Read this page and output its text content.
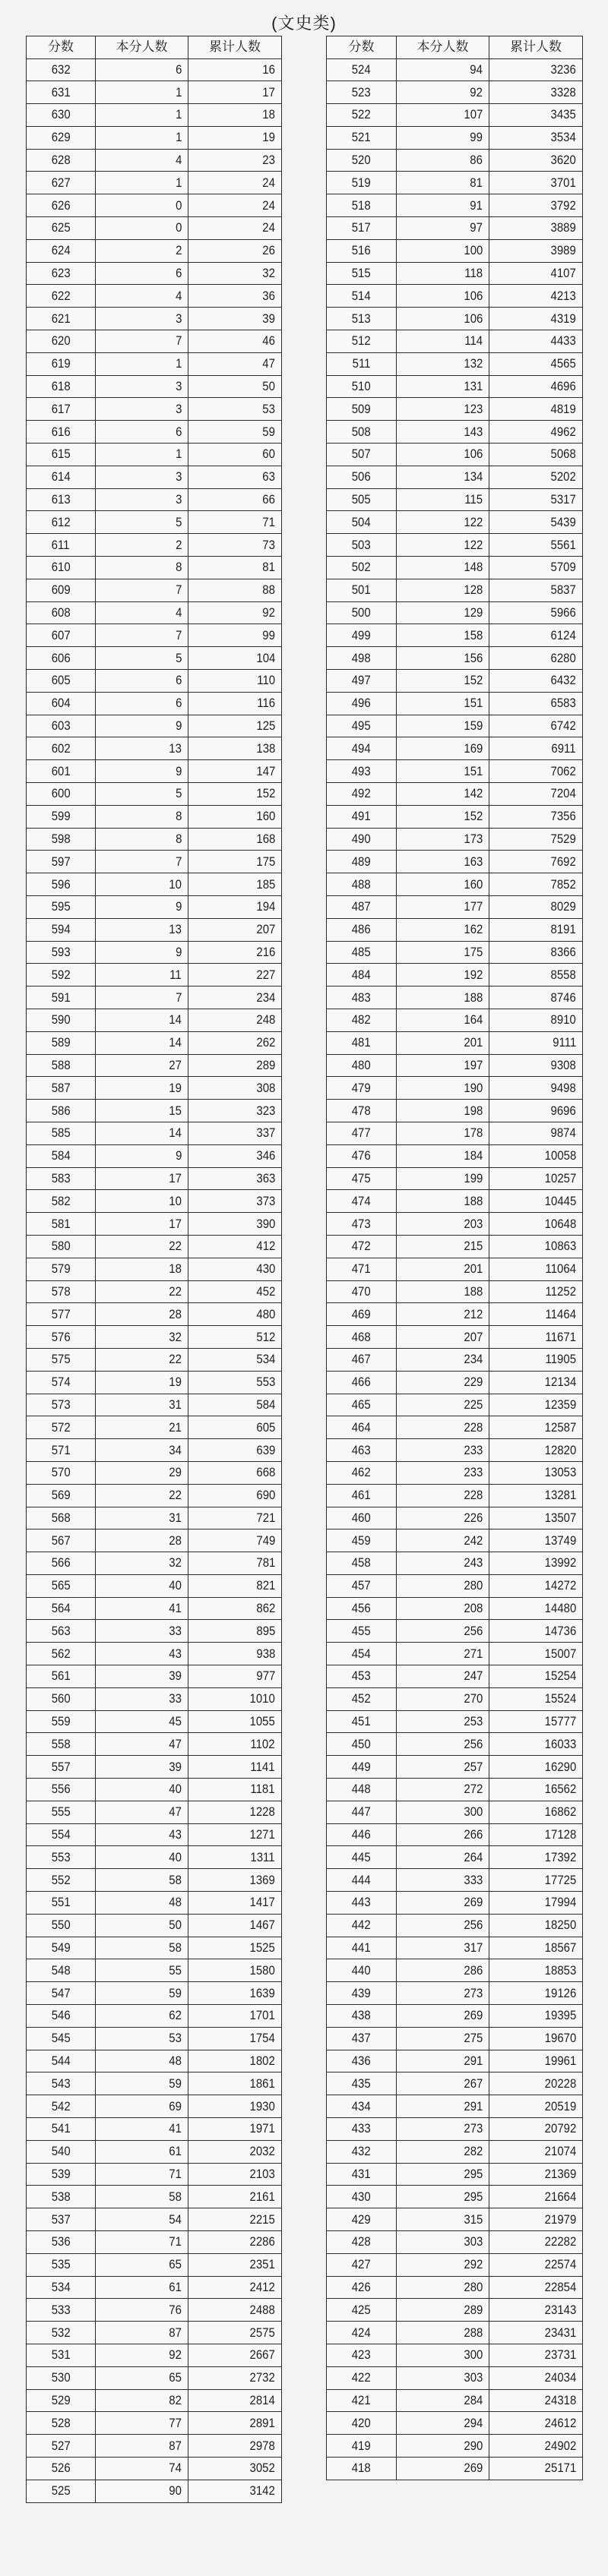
(文史类)
分数	本分人数	累计人数
632	6	16
631	1	17
630	1	18
629	1	19
628	4	23
627	1	24
626	0	24
625	0	24
624	2	26
623	6	32
622	4	36
621	3	39
620	7	46
619	1	47
618	3	50
617	3	53
616	6	59
615	1	60
614	3	63
613	3	66
612	5	71
611	2	73
610	8	81
609	7	88
608	4	92
607	7	99
606	5	104
605	6	110
604	6	116
603	9	125
602	13	138
601	9	147
600	5	152
599	8	160
598	8	168
597	7	175
596	10	185
595	9	194
594	13	207
593	9	216
592	11	227
591	7	234
590	14	248
589	14	262
588	27	289
587	19	308
586	15	323
585	14	337
584	9	346
583	17	363
582	10	373
581	17	390
580	22	412
579	18	430
578	22	452
577	28	480
576	32	512
575	22	534
574	19	553
573	31	584
572	21	605
571	34	639
570	29	668
569	22	690
568	31	721
567	28	749
566	32	781
565	40	821
564	41	862
563	33	895
562	43	938
561	39	977
560	33	1010
559	45	1055
558	47	1102
557	39	1141
556	40	1181
555	47	1228
554	43	1271
553	40	1311
552	58	1369
551	48	1417
550	50	1467
549	58	1525
548	55	1580
547	59	1639
546	62	1701
545	53	1754
544	48	1802
543	59	1861
542	69	1930
541	41	1971
540	61	2032
539	71	2103
538	58	2161
537	54	2215
536	71	2286
535	65	2351
534	61	2412
533	76	2488
532	87	2575
531	92	2667
530	65	2732
529	82	2814
528	77	2891
527	87	2978
526	74	3052
525	90	3142
分数	本分人数	累计人数
524	94	3236
523	92	3328
522	107	3435
521	99	3534
520	86	3620
519	81	3701
518	91	3792
517	97	3889
516	100	3989
515	118	4107
514	106	4213
513	106	4319
512	114	4433
511	132	4565
510	131	4696
509	123	4819
508	143	4962
507	106	5068
506	134	5202
505	115	5317
504	122	5439
503	122	5561
502	148	5709
501	128	5837
500	129	5966
499	158	6124
498	156	6280
497	152	6432
496	151	6583
495	159	6742
494	169	6911
493	151	7062
492	142	7204
491	152	7356
490	173	7529
489	163	7692
488	160	7852
487	177	8029
486	162	8191
485	175	8366
484	192	8558
483	188	8746
482	164	8910
481	201	9111
480	197	9308
479	190	9498
478	198	9696
477	178	9874
476	184	10058
475	199	10257
474	188	10445
473	203	10648
472	215	10863
471	201	11064
470	188	11252
469	212	11464
468	207	11671
467	234	11905
466	229	12134
465	225	12359
464	228	12587
463	233	12820
462	233	13053
461	228	13281
460	226	13507
459	242	13749
458	243	13992
457	280	14272
456	208	14480
455	256	14736
454	271	15007
453	247	15254
452	270	15524
451	253	15777
450	256	16033
449	257	16290
448	272	16562
447	300	16862
446	266	17128
445	264	17392
444	333	17725
443	269	17994
442	256	18250
441	317	18567
440	286	18853
439	273	19126
438	269	19395
437	275	19670
436	291	19961
435	267	20228
434	291	20519
433	273	20792
432	282	21074
431	295	21369
430	295	21664
429	315	21979
428	303	22282
427	292	22574
426	280	22854
425	289	23143
424	288	23431
423	300	23731
422	303	24034
421	284	24318
420	294	24612
419	290	24902
418	269	25171
